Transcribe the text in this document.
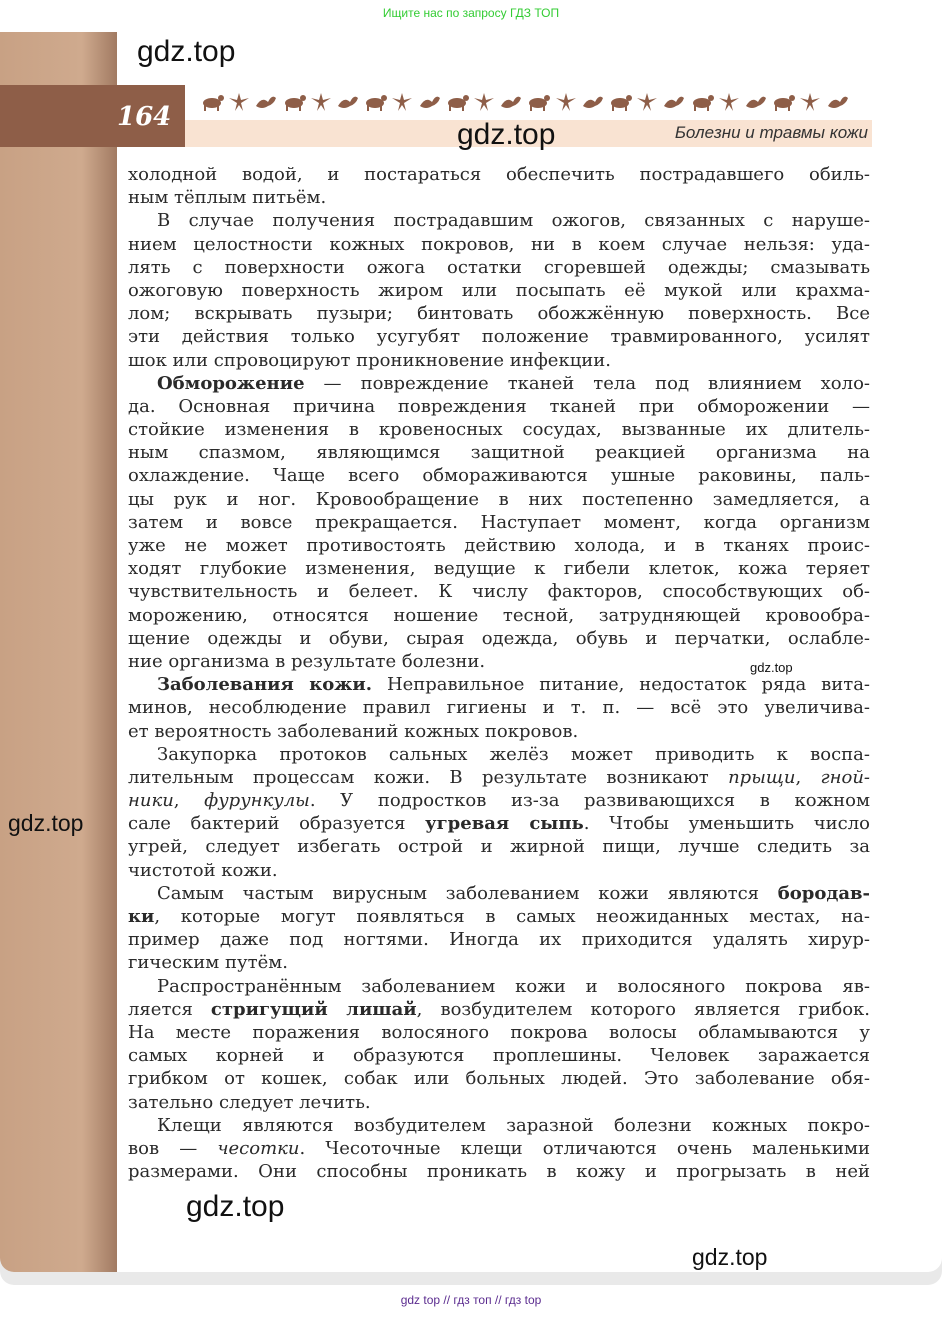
Ищите нас по запросу ГДЗ ТОП
164
Болезни и травмы кожи
gdz.top
gdz.top
gdz.top
gdz.top
gdz.top
gdz.top
холодной водой, и постараться обеспечить пострадавшего обиль-
ным тёплым питьём.
В случае получения пострадавшим ожогов, связанных с наруше-
нием целостности кожных покровов, ни в коем случае нельзя: уда-
лять с поверхности ожога остатки сгоревшей одежды; смазывать
ожоговую поверхность жиром или посыпать её мукой или крахма-
лом; вскрывать пузыри; бинтовать обожжённую поверхность. Все
эти действия только усугубят положение травмированного, усилят
шок или спровоцируют проникновение инфекции.
Обморожение — повреждение тканей тела под влиянием холо-
да. Основная причина повреждения тканей при обморожении —
стойкие изменения в кровеносных сосудах, вызванные их длитель-
ным спазмом, являющимся защитной реакцией организма на
охлаждение. Чаще всего обмораживаются ушные раковины, паль-
цы рук и ног. Кровообращение в них постепенно замедляется, а
затем и вовсе прекращается. Наступает момент, когда организм
уже не может противостоять действию холода, и в тканях проис-
ходят глубокие изменения, ведущие к гибели клеток, кожа теряет
чувствительность и белеет. К числу факторов, способствующих об-
морожению, относятся ношение тесной, затрудняющей кровообра-
щение одежды и обуви, сырая одежда, обувь и перчатки, ослабле-
ние организма в результате болезни.
Заболевания кожи. Неправильное питание, недостаток ряда вита-
минов, несоблюдение правил гигиены и т. п. — всё это увеличива-
ет вероятность заболеваний кожных покровов.
Закупорка протоков сальных желёз может приводить к воспа-
лительным процессам кожи. В результате возникают прыщи, гной-
ники, фурункулы. У подростков из-за развивающихся в кожном
сале бактерий образуется угревая сыпь. Чтобы уменьшить число
угрей, следует избегать острой и жирной пищи, лучше следить за
чистотой кожи.
Самым частым вирусным заболеванием кожи являются бородав-
ки, которые могут появляться в самых неожиданных местах, на-
пример даже под ногтями. Иногда их приходится удалять хирур-
гическим путём.
Распространённым заболеванием кожи и волосяного покрова яв-
ляется стригущий лишай, возбудителем которого является грибок.
На месте поражения волосяного покрова волосы обламываются у
самых корней и образуются проплешины. Человек заражается
грибком от кошек, собак или больных людей. Это заболевание обя-
зательно следует лечить.
Клещи являются возбудителем заразной болезни кожных покро-
вов — чесотки. Чесоточные клещи отличаются очень маленькими
размерами. Они способны проникать в кожу и прогрызать в ней
gdz top // гдз топ // гдз top
